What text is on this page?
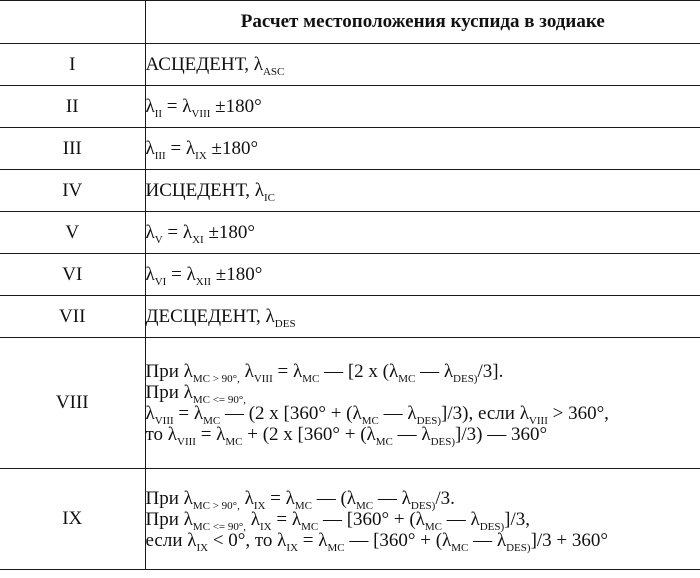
	Расчет местоположения куспида в зодиаке
I	АСЦЕДЕНТ, $\lambda_{ASC}$
II	$\lambda_{II} = \lambda_{VIII} \pm 180^\circ$
III	$\lambda_{III} = \lambda_{IX} \pm 180^\circ$
IV	ИСЦЕДЕНТ, $\lambda_{IC}$
V	$\lambda_V = \lambda_{XI} \pm 180^\circ$
VI	$\lambda_{VI} = \lambda_{XII} \pm 180^\circ$
VII	ДЕСЦЕДЕНТ, $\lambda_{DES}$
VIII	При $\lambda_{MC > 90^\circ,}$ $\lambda_{VIII} = \lambda_{MC}$ — [2 х ($\lambda_{MC}$ — $\lambda_{DES)}/3$].
При $\lambda_{MC <= 90^\circ,}$
$\lambda_{VIII} = \lambda_{MC}$ — (2 х [$360^\circ + (\lambda_{MC}$ — $\lambda_{DES)}]/3$), если $\lambda_{VIII} > 360^\circ$,
то $\lambda_{VIII} = \lambda_{MC} + (2$ х [$360^\circ + (\lambda_{MC}$ — $\lambda_{DES)}]/3$) — 360°

IX	При $\lambda_{MC > 90^\circ,}$ $\lambda_{IX} = \lambda_{MC}$ — ($\lambda_{MC}$ — $\lambda_{DES)}/3$.
При $\lambda_{MC <= 90^\circ,}$ $\lambda_{IX} = \lambda_{MC}$ — [$360^\circ + (\lambda_{MC}$ — $\lambda_{DES)}]/3$,
если $\lambda_{IX} < 0^\circ$, то $\lambda_{IX} = \lambda_{MC}$ — [$360^\circ + (\lambda_{MC}$ — $\lambda_{DES)}]/3 + 360^\circ$
